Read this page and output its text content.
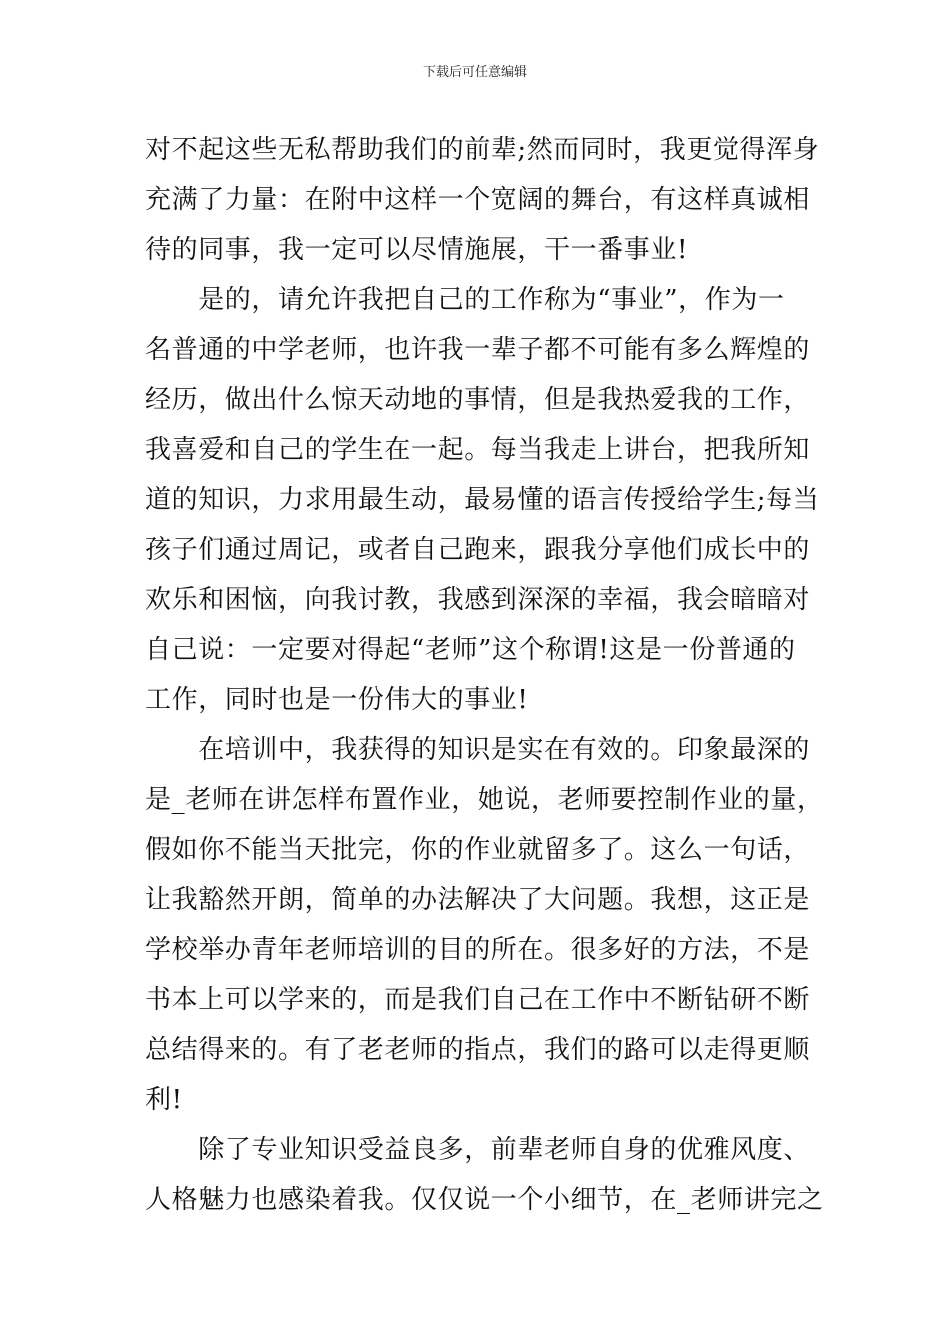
下载后可任意编辑
对不起这些无私帮助我们的前辈;然而同时，我更觉得浑身
充满了力量：在附中这样一个宽阔的舞台，有这样真诚相
待的同事，我一定可以尽情施展，干一番事业!
　　是的，请允许我把自己的工作称为“事业”，作为一
名普通的中学老师，也许我一辈子都不可能有多么辉煌的
经历，做出什么惊天动地的事情，但是我热爱我的工作，
我喜爱和自己的学生在一起。每当我走上讲台，把我所知
道的知识，力求用最生动，最易懂的语言传授给学生;每当
孩子们通过周记，或者自己跑来，跟我分享他们成长中的
欢乐和困恼，向我讨教，我感到深深的幸福，我会暗暗对
自己说：一定要对得起“老师”这个称谓!这是一份普通的
工作，同时也是一份伟大的事业!
　　在培训中，我获得的知识是实在有效的。印象最深的
是_老师在讲怎样布置作业，她说，老师要控制作业的量，
假如你不能当天批完，你的作业就留多了。这么一句话，
让我豁然开朗，简单的办法解决了大问题。我想，这正是
学校举办青年老师培训的目的所在。很多好的方法，不是
书本上可以学来的，而是我们自己在工作中不断钻研不断
总结得来的。有了老老师的指点，我们的路可以走得更顺
利!
　　除了专业知识受益良多，前辈老师自身的优雅风度、
人格魅力也感染着我。仅仅说一个小细节，在_老师讲完之
